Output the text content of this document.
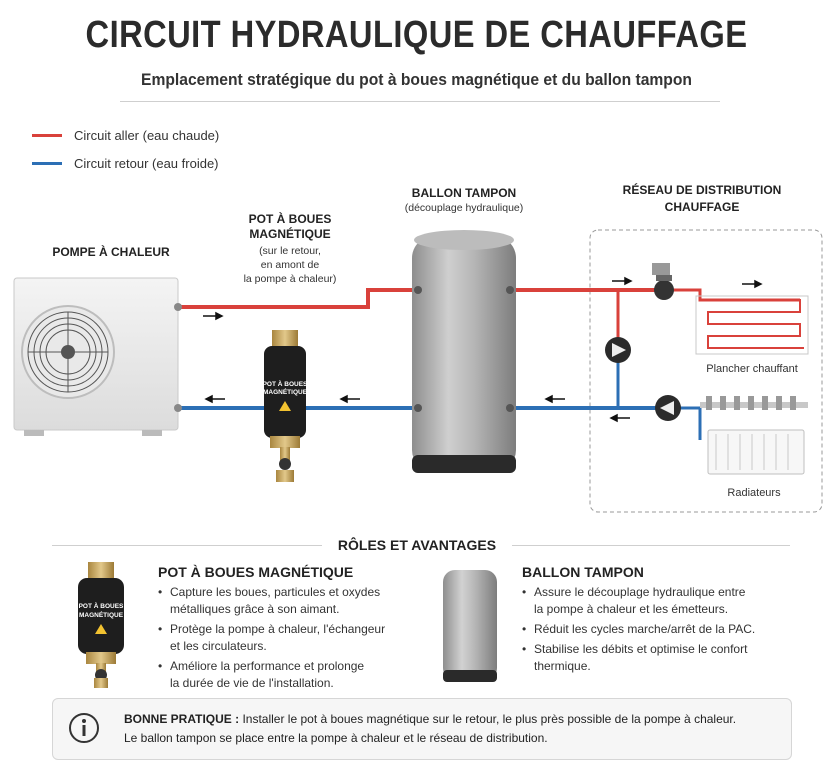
CIRCUIT HYDRAULIQUE DE CHAUFFAGE
Emplacement stratégique du pot à boues magnétique et du ballon tampon
Circuit aller (eau chaude)
Circuit retour (eau froide)
POT À BOUES
MAGNÉTIQUE
POMPE À CHALEUR
POT À BOUES
MAGNÉTIQUE
(sur le retour,
en amont de
la pompe à chaleur)
BALLON TAMPON
(découplage hydraulique)
RÉSEAU DE DISTRIBUTION
CHAUFFAGE
Plancher chauffant
Radiateurs
RÔLES ET AVANTAGES
POT À BOUES
MAGNÉTIQUE
POT À BOUES MAGNÉTIQUE
• Capture les boues, particules et oxydes
métalliques grâce à son aimant.
• Protège la pompe à chaleur, l'échangeur
et les circulateurs.
• Améliore la performance et prolonge
la durée de vie de l'installation.
BALLON TAMPON
• Assure le découplage hydraulique entre
la pompe à chaleur et les émetteurs.
• Réduit les cycles marche/arrêt de la PAC.
• Stabilise les débits et optimise le confort
thermique.
BONNE PRATIQUE : Installer le pot à boues magnétique sur le retour, le plus près possible de la pompe à chaleur.
Le ballon tampon se place entre la pompe à chaleur et le réseau de distribution.
